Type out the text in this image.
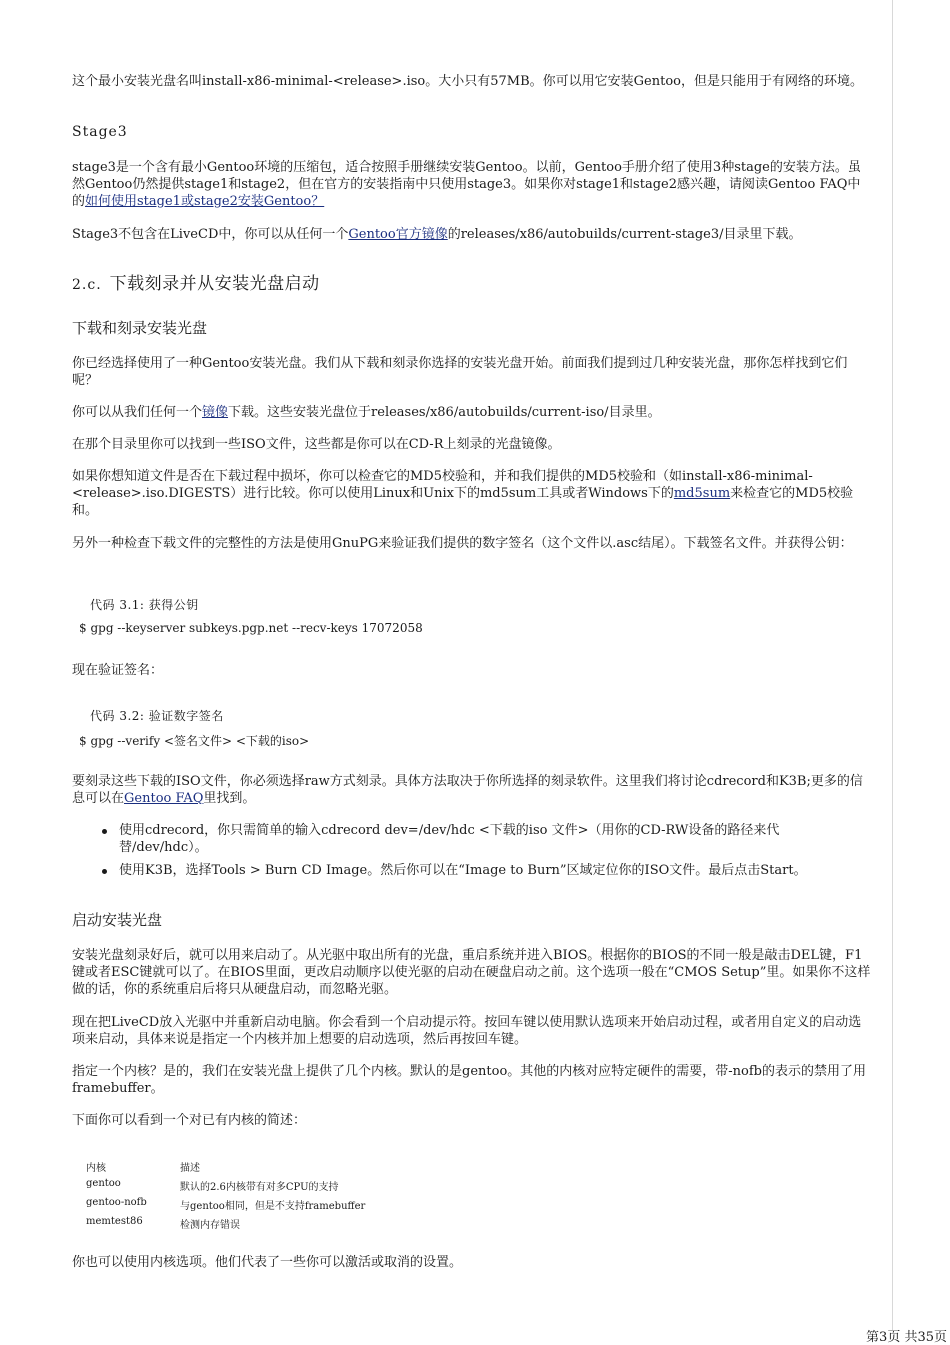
这个最小安装光盘名叫install-x86-minimal-<release>.iso。大小只有57MB。你可以用它安装Gentoo，但是只能用于有网络的环境。

Stage3

stage3是一个含有最小Gentoo环境的压缩包，适合按照手册继续安装Gentoo。以前，Gentoo手册介绍了使用3种stage的安装方法。虽然Gentoo仍然提供stage1和stage2，但在官方的安装指南中只使用stage3。如果你对stage1和stage2感兴趣，请阅读Gentoo FAQ中的如何使用stage1或stage2安装Gentoo？

Stage3不包含在LiveCD中，你可以从任何一个Gentoo官方镜像的releases/x86/autobuilds/current-stage3/目录里下载。

2.c. 下载刻录并从安装光盘启动
下载和刻录安装光盘

你已经选择使用了一种Gentoo安装光盘。我们从下载和刻录你选择的安装光盘开始。前面我们提到过几种安装光盘，那你怎样找到它们呢？

你可以从我们任何一个镜像下载。这些安装光盘位于releases/x86/autobuilds/current-iso/目录里。

在那个目录里你可以找到一些ISO文件，这些都是你可以在CD-R上刻录的光盘镜像。

如果你想知道文件是否在下载过程中损坏，你可以检查它的MD5校验和，并和我们提供的MD5校验和（如install-x86-minimal-<release>.iso.DIGESTS）进行比较。你可以使用Linux和Unix下的md5sum工具或者Windows下的md5sum来检查它的MD5校验和。

另外一种检查下载文件的完整性的方法是使用GnuPG来验证我们提供的数字签名（这个文件以.asc结尾）。下载签名文件。并获得公钥：

代码 3.1: 获得公钥
$ gpg --keyserver subkeys.pgp.net --recv-keys 17072058

现在验证签名：

代码 3.2: 验证数字签名
$ gpg --verify <签名文件> <下载的iso>

要刻录这些下载的ISO文件，你必须选择raw方式刻录。具体方法取决于你所选择的刻录软件。这里我们将讨论cdrecord和K3B;更多的信息可以在Gentoo FAQ里找到。

使用cdrecord，你只需简单的输入cdrecord dev=/dev/hdc <下载的iso 文件>（用你的CD-RW设备的路径来代替/dev/hdc）。
使用K3B，选择Tools > Burn CD Image。然后你可以在“Image to Burn”区域定位你的ISO文件。最后点击Start。
启动安装光盘

安装光盘刻录好后，就可以用来启动了。从光驱中取出所有的光盘，重启系统并进入BIOS。根据你的BIOS的不同一般是敲击DEL键，F1键或者ESC键就可以了。在BIOS里面，更改启动顺序以使光驱的启动在硬盘启动之前。这个选项一般在“CMOS Setup”里。如果你不这样做的话，你的系统重启后将只从硬盘启动，而忽略光驱。

现在把LiveCD放入光驱中并重新启动电脑。你会看到一个启动提示符。按回车键以使用默认选项来开始启动过程，或者用自定义的启动选项来启动，具体来说是指定一个内核并加上想要的启动选项，然后再按回车键。

指定一个内核？是的，我们在安装光盘上提供了几个内核。默认的是gentoo。其他的内核对应特定硬件的需要，带-nofb的表示的禁用了用framebuffer。

下面你可以看到一个对已有内核的简述：

内核	描述
gentoo	默认的2.6内核带有对多CPU的支持
gentoo-nofb	与gentoo相同，但是不支持framebuffer
memtest86	检测内存错误

你也可以使用内核选项。他们代表了一些你可以激活或取消的设置。

第3页 共35页
